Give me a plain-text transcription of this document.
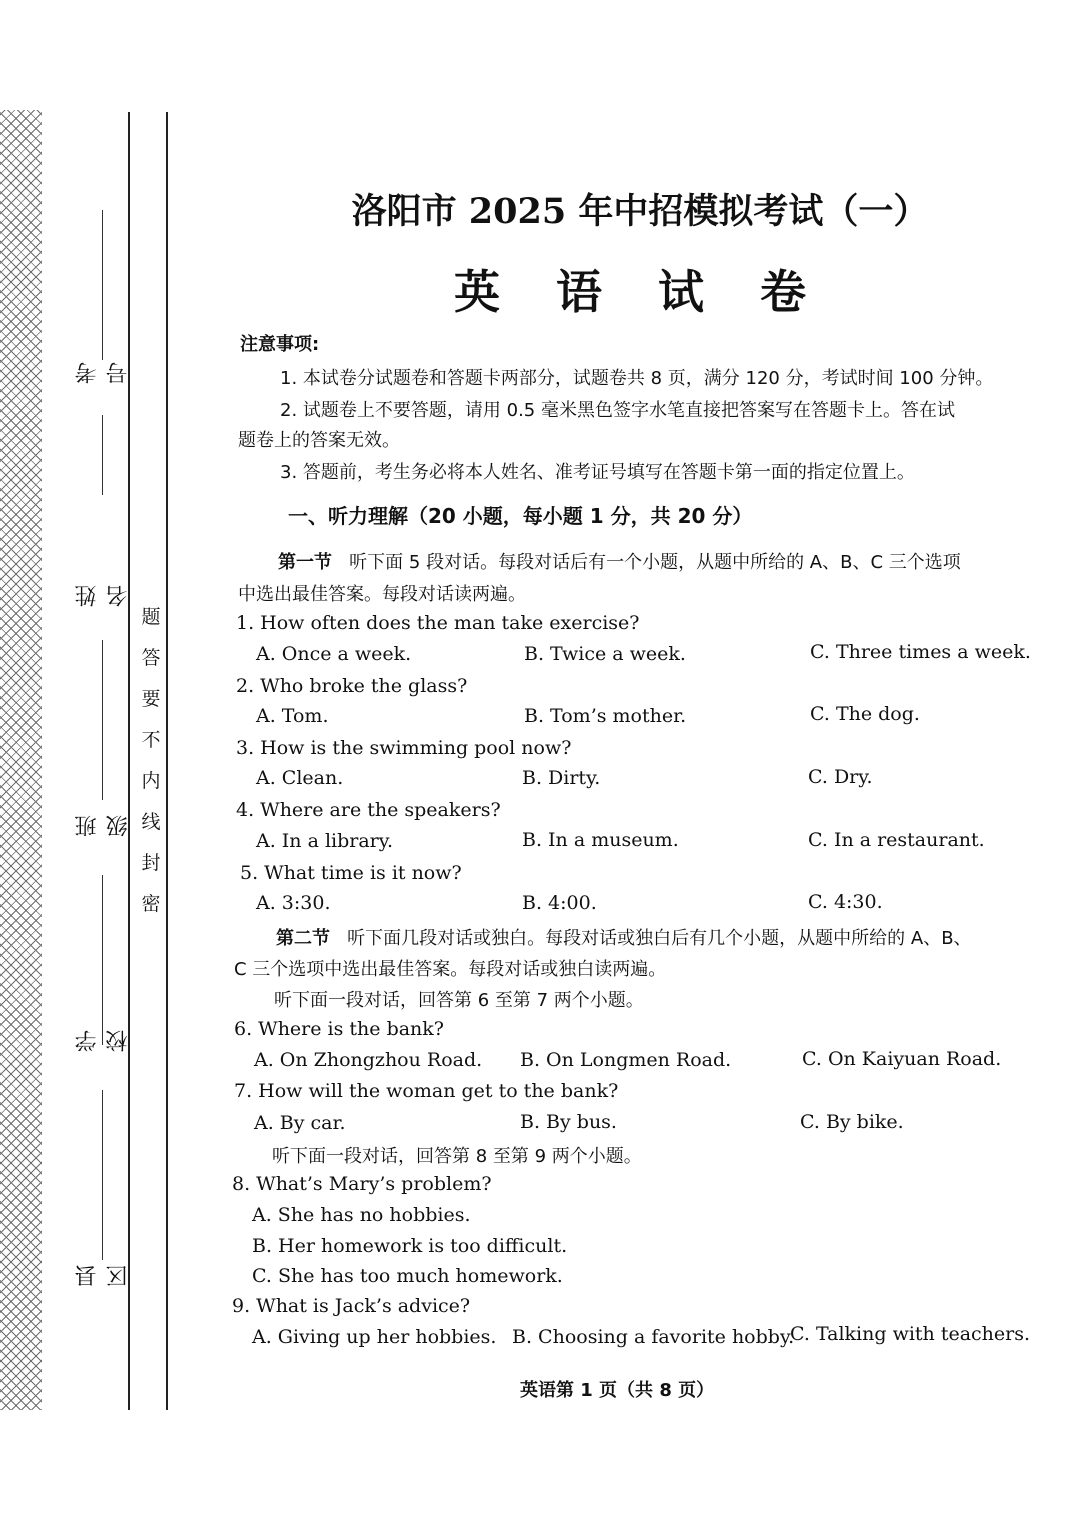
考号
姓名
班级
学校
县区
题
答
要
不
内
线
封
密
洛阳市 2025 年中招模拟考试（一）
英 语 试 卷
注意事项:
1. 本试卷分试题卷和答题卡两部分，试题卷共 8 页，满分 120 分，考试时间 100 分钟。
2. 试题卷上不要答题，请用 0.5 毫米黑色签字水笔直接把答案写在答题卡上。答在试
题卷上的答案无效。
3. 答题前，考生务必将本人姓名、准考证号填写在答题卡第一面的指定位置上。
一、听力理解（20 小题，每小题 1 分，共 20 分）
第一节 听下面 5 段对话。每段对话后有一个小题，从题中所给的 A、B、C 三个选项
中选出最佳答案。每段对话读两遍。
1. How often does the man take exercise?
A. Once a week.	B. Twice a week.	C. Three times a week.
2. Who broke the glass?
A. Tom.	B. Tom’s mother.	C. The dog.
3. How is the swimming pool now?
A. Clean.	B. Dirty.	C. Dry.
4. Where are the speakers?
A. In a library.	B. In a museum.	C. In a restaurant.
5. What time is it now?
A. 3:30.	B. 4:00.	C. 4:30.
第二节 听下面几段对话或独白。每段对话或独白后有几个小题，从题中所给的 A、B、
C 三个选项中选出最佳答案。每段对话或独白读两遍。
听下面一段对话，回答第 6 至第 7 两个小题。
6. Where is the bank?
A. On Zhongzhou Road. B. On Longmen Road.	C. On Kaiyuan Road.
7. How will the woman get to the bank?
A. By car.	B. By bus.	C. By bike.
听下面一段对话，回答第 8 至第 9 两个小题。
8. What’s Mary’s problem?
A. She has no hobbies.
B. Her homework is too difficult.
C. She has too much homework.
9. What is Jack’s advice?
A. Giving up her hobbies. B. Choosing a favorite hobby.
C. Talking with teachers.
英语第 1 页（共 8 页）
